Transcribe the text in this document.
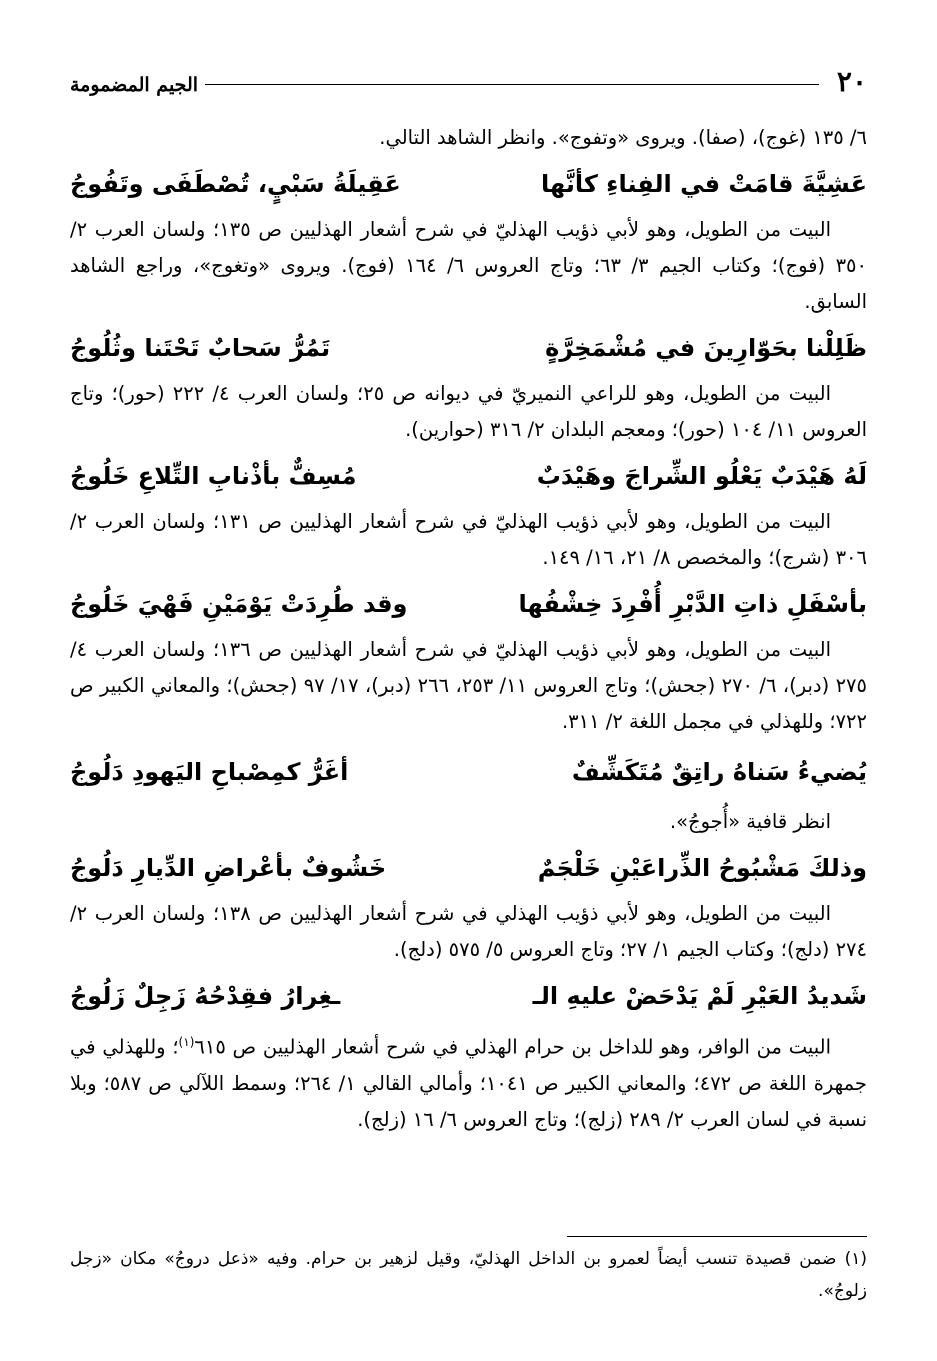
٢٠
الجيم المضمومة

٦/ ١٣٥ (غوج)، (صفا). ويروى «وتفوج». وانظر الشاهد التالي.

عَشِيَّةَ قامَتْ في الفِناءِ كأنَّها
عَقِيلَةُ سَبْيٍ، تُصْطَفَى وتَفُوجُ

البيت من الطويل، وهو لأبي ذؤيب الهذليّ في شرح أشعار الهذليين ص ١٣٥؛ ولسان العرب ٢/ ٣٥٠ (فوج)؛ وكتاب الجيم ٣/ ٦٣؛ وتاج العروس ٦/ ١٦٤ (فوج). ويروى «وتغوج»، وراجع الشاهد السابق.

ظَلِلْنا بحَوّارِينَ في مُشْمَخِرَّةٍ
تَمُرُّ سَحابٌ تَحْتَنا وثُلُوجُ

البيت من الطويل، وهو للراعي النميريّ في ديوانه ص ٢٥؛ ولسان العرب ٤/ ٢٢٢ (حور)؛ وتاج العروس ١١/ ١٠٤ (حور)؛ ومعجم البلدان ٢/ ٣١٦ (حوارين).

لَهُ هَيْدَبٌ يَعْلُو الشِّراجَ وهَيْدَبٌ
مُسِفٌّ بأذْنابِ التِّلاعِ خَلُوجُ

البيت من الطويل، وهو لأبي ذؤيب الهذليّ في شرح أشعار الهذليين ص ١٣١؛ ولسان العرب ٢/ ٣٠٦ (شرج)؛ والمخصص ٨/ ٢١، ١٦/ ١٤٩.

بأسْفَلِ ذاتِ الدَّبْرِ أُفْرِدَ خِشْفُها
وقد طُرِدَتْ يَوْمَيْنِ فَهْيَ خَلُوجُ

البيت من الطويل، وهو لأبي ذؤيب الهذليّ في شرح أشعار الهذليين ص ١٣٦؛ ولسان العرب ٤/ ٢٧٥ (دبر)، ٦/ ٢٧٠ (جحش)؛ وتاج العروس ١١/ ٢٥٣، ٢٦٦ (دبر)، ١٧/ ٩٧ (جحش)؛ والمعاني الكبير ص ٧٢٢؛ وللهذلي في مجمل اللغة ٢/ ٣١١.

يُضيءُ سَناهُ راتِقٌ مُتَكَشِّفٌ
أغَرُّ كمِصْباحِ اليَهودِ دَلُوجُ

انظر قافية «أُجوجُ».

وذلكَ مَشْبُوحُ الذِّراعَيْنِ خَلْجَمٌ
خَشُوفٌ بأعْراضِ الدِّيارِ دَلُوجُ

البيت من الطويل، وهو لأبي ذؤيب الهذلي في شرح أشعار الهذليين ص ١٣٨؛ ولسان العرب ٢/ ٢٧٤ (دلج)؛ وكتاب الجيم ١/ ٢٧؛ وتاج العروس ٥/ ٥٧٥ (دلج).

شَديدُ العَيْرِ لَمْ يَدْحَضْ عليهِ الـ
ـغِرارُ فقِدْحُهُ زَجِلٌ زَلُوجُ

البيت من الوافر، وهو للداخل بن حرام الهذلي في شرح أشعار الهذليين ص ٦١٥$^{(١)}$؛ وللهذلي في جمهرة اللغة ص ٤٧٢؛ والمعاني الكبير ص ١٠٤١؛ وأمالي القالي ١/ ٢٦٤؛ وسمط اللآلي ص ٥٨٧؛ وبلا نسبة في لسان العرب ٢/ ٢٨٩ (زلج)؛ وتاج العروس ٦/ ١٦ (زلج).

(١) ضمن قصيدة تنسب أيضاً لعمرو بن الداخل الهذليّ، وقيل لزهير بن حرام. وفيه «ذعل دروجُ» مكان «زجل زلوجُ».
